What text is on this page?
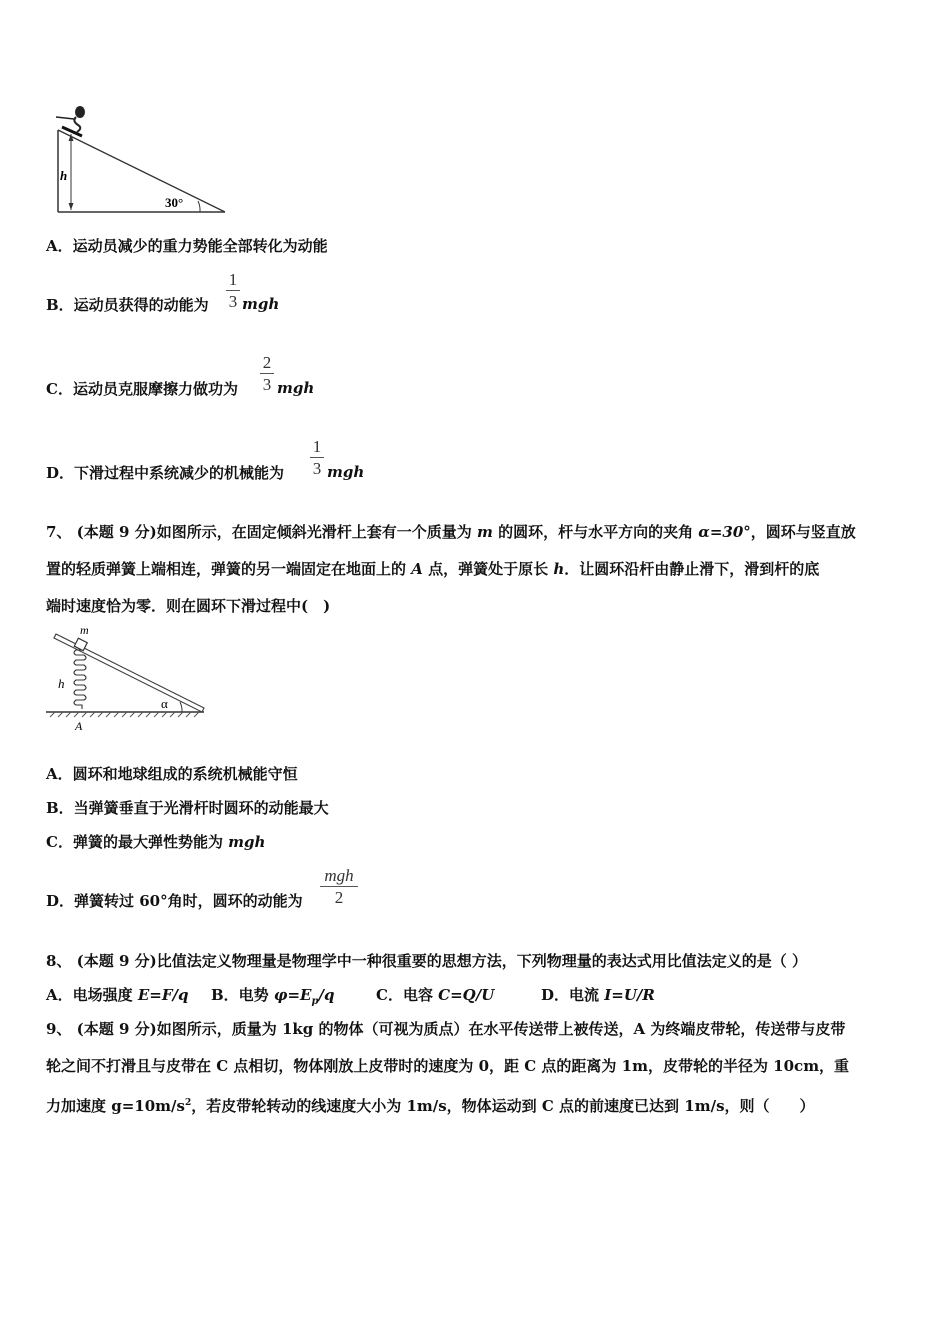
h
30°
A．运动员减少的重力势能全部转化为动能
B．运动员获得的动能为
1
3 mgh
C．运动员克服摩擦力做功为
2
3 mgh
D．下滑过程中系统减少的机械能为
1
3 mgh
7、 (本题 9 分)如图所示，在固定倾斜光滑杆上套有一个质量为 m 的圆环，杆与水平方向的夹角 α=30°，圆环与竖直放
置的轻质弹簧上端相连，弹簧的另一端固定在地面上的 A 点，弹簧处于原长 h．让圆环沿杆由静止滑下，滑到杆的底
端时速度恰为零．则在圆环下滑过程中(　)
m
h
α
A
A．圆环和地球组成的系统机械能守恒
B．当弹簧垂直于光滑杆时圆环的动能最大
C．弹簧的最大弹性势能为 mgh
D．弹簧转过 60°角时，圆环的动能为
mgh
2
8、 (本题 9 分)比值法定义物理量是物理学中一种很重要的思想方法，下列物理量的表达式用比值法定义的是（ ）
A．电场强度 E=F/q B．电势 $\varphi=E_p/q$	C．电容 C=Q/U	D．电流 I=U/R
9、 (本题 9 分)如图所示，质量为 1kg 的物体（可视为质点）在水平传送带上被传送，A 为终端皮带轮，传送带与皮带
轮之间不打滑且与皮带在 C 点相切，物体刚放上皮带时的速度为 0，距 C 点的距离为 1m，皮带轮的半径为 10cm，重
力加速度 $g=10m/s^2$，若皮带轮转动的线速度大小为 1m/s，物体运动到 C 点的前速度已达到 1m/s，则（　　）
